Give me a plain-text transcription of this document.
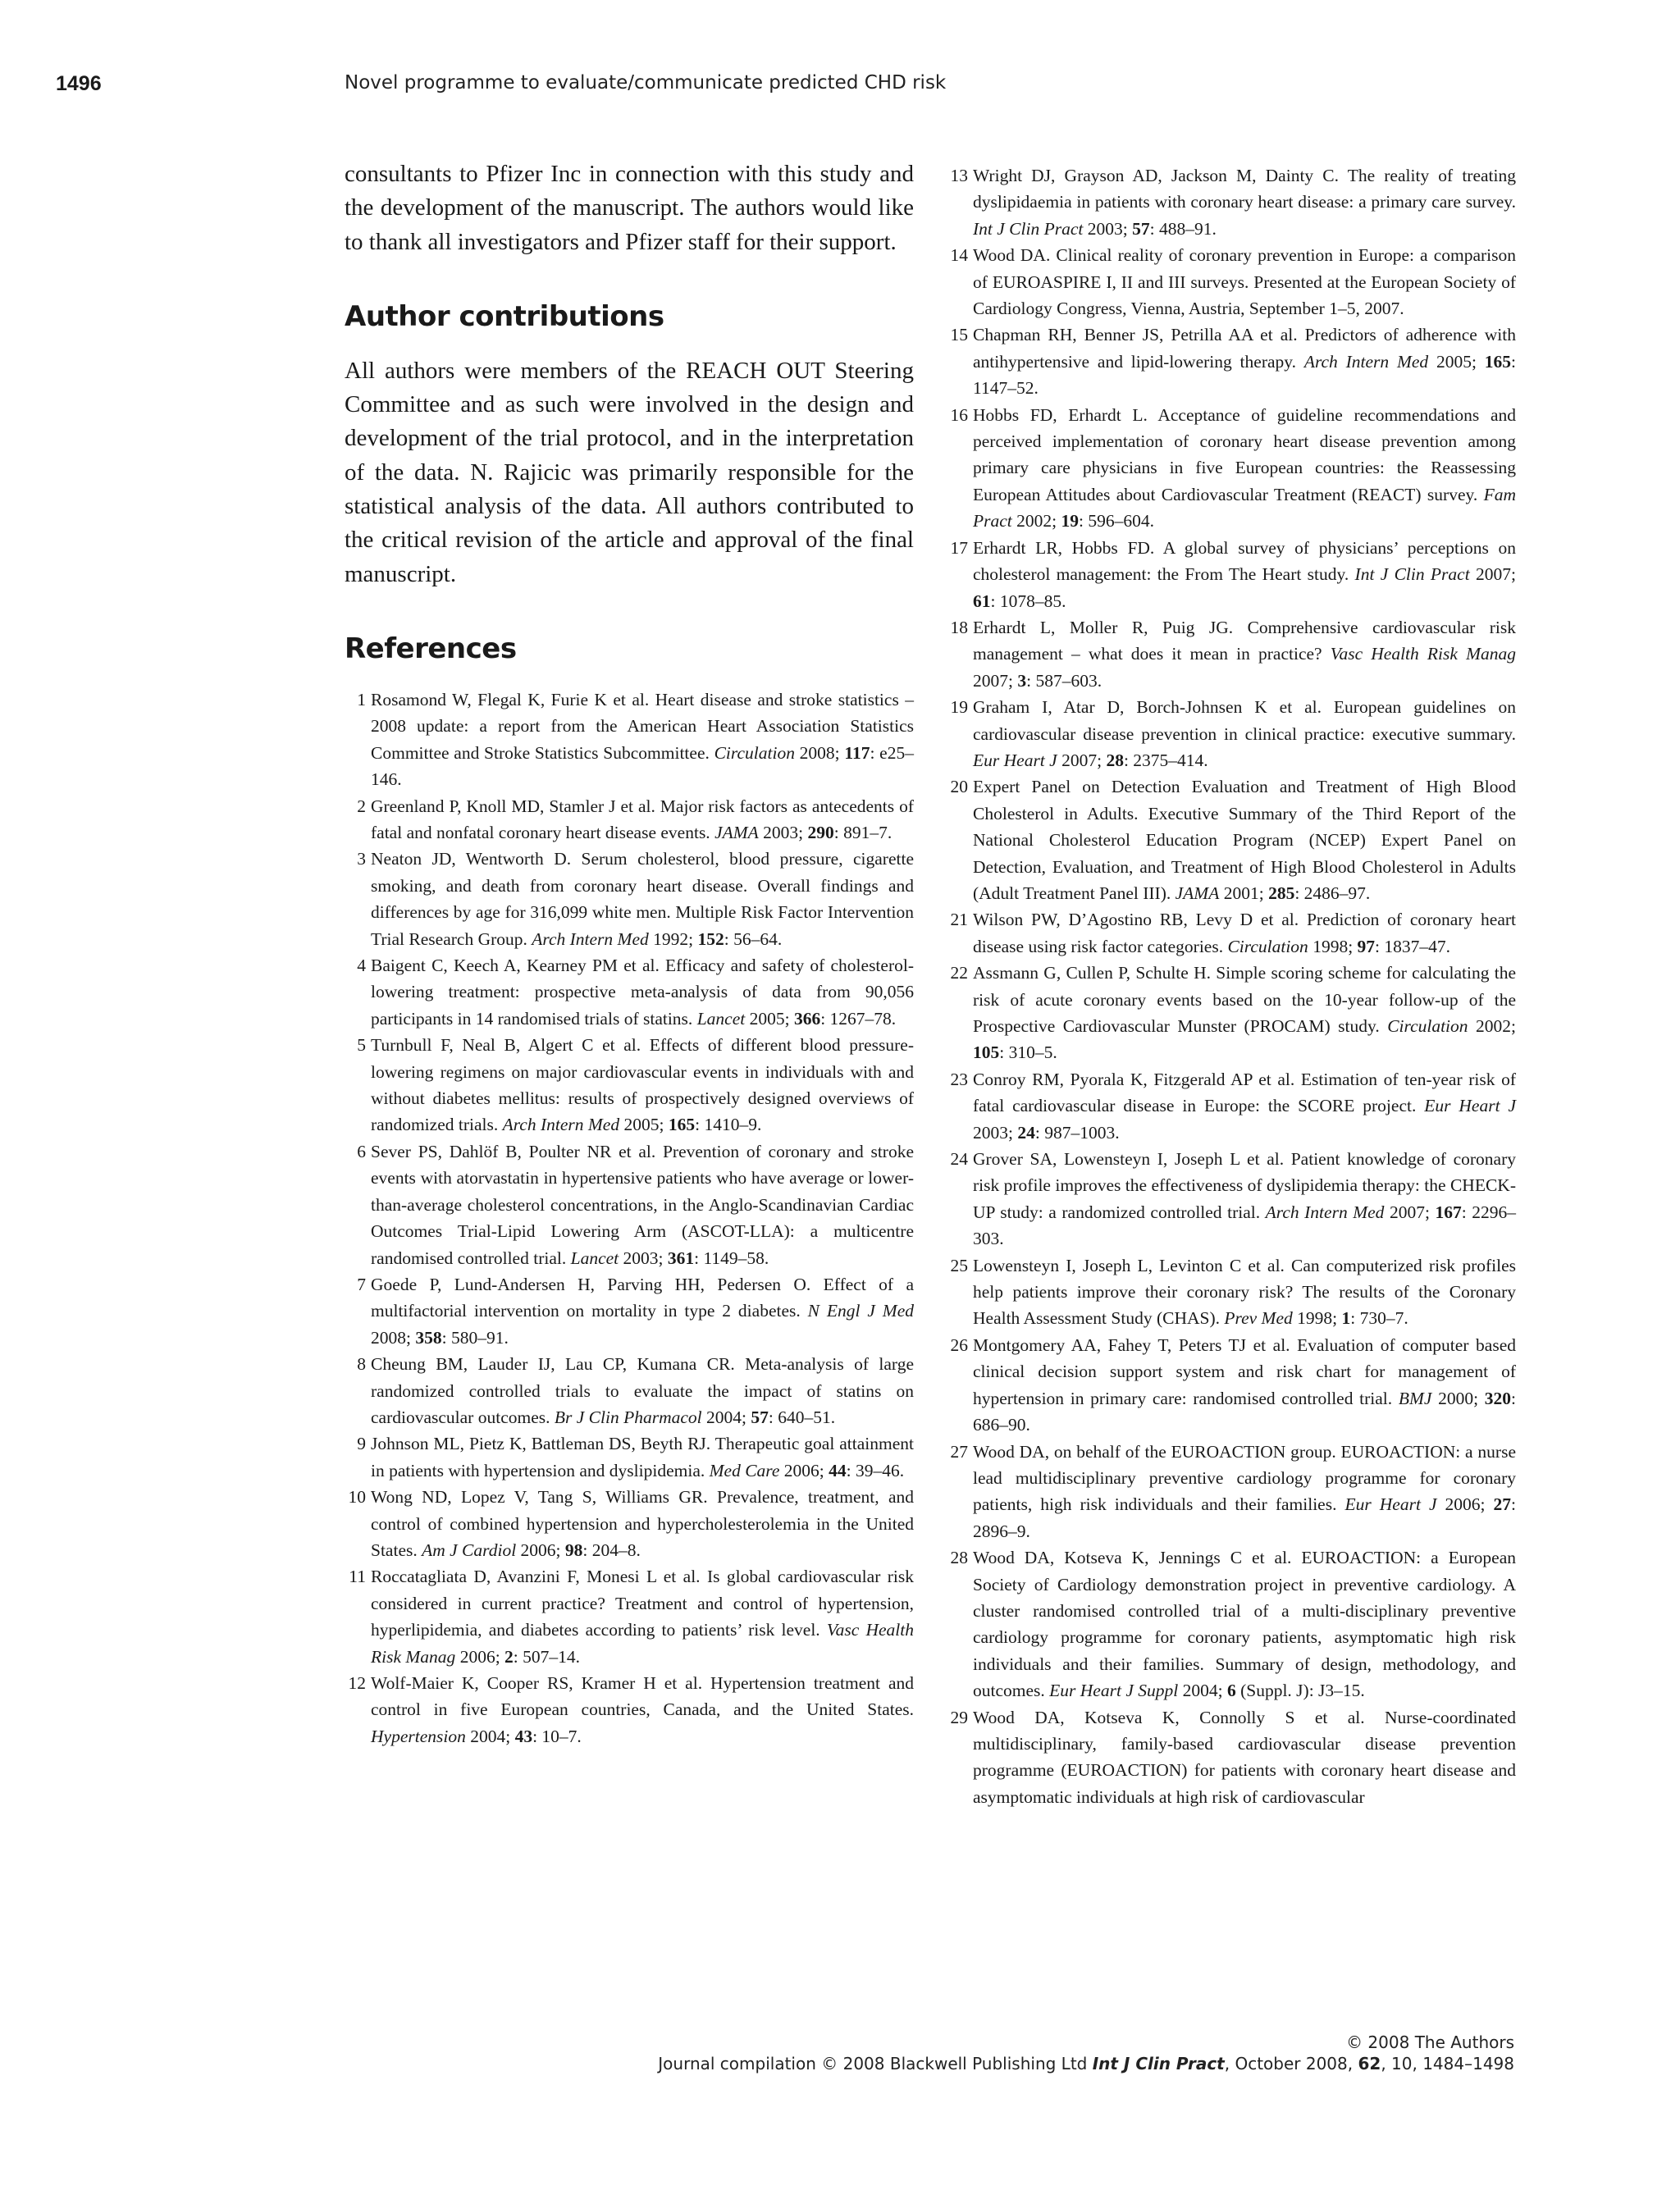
1496	Novel programme to evaluate/communicate predicted CHD risk

consultants to Pfizer Inc in connection with this study and the development of the manuscript. The authors would like to thank all investigators and Pfizer staff for their support.

Author contributions

All authors were members of the REACH OUT Steering Committee and as such were involved in the design and development of the trial protocol, and in the interpretation of the data. N. Rajicic was primarily responsible for the statistical analysis of the data. All authors contributed to the critical revision of the article and approval of the final manuscript.

References
1 Rosamond W, Flegal K, Furie K et al. Heart disease and stroke statistics – 2008 update: a report from the American Heart Association Statistics Committee and Stroke Statistics Subcommittee. Circulation 2008; 117: e25–146.
2 Greenland P, Knoll MD, Stamler J et al. Major risk factors as antecedents of fatal and nonfatal coronary heart disease events. JAMA 2003; 290: 891–7.
3 Neaton JD, Wentworth D. Serum cholesterol, blood pressure, cigarette smoking, and death from coronary heart disease. Overall findings and differences by age for 316,099 white men. Multiple Risk Factor Intervention Trial Research Group. Arch Intern Med 1992; 152: 56–64.
4 Baigent C, Keech A, Kearney PM et al. Efficacy and safety of cholesterol-lowering treatment: prospective meta-analysis of data from 90,056 participants in 14 randomised trials of statins. Lancet 2005; 366: 1267–78.
5 Turnbull F, Neal B, Algert C et al. Effects of different blood pressure-lowering regimens on major cardiovascular events in individuals with and without diabetes mellitus: results of prospectively designed overviews of randomized trials. Arch Intern Med 2005; 165: 1410–9.
6 Sever PS, Dahlöf B, Poulter NR et al. Prevention of coronary and stroke events with atorvastatin in hypertensive patients who have average or lower-than-average cholesterol concentrations, in the Anglo-Scandinavian Cardiac Outcomes Trial-Lipid Lowering Arm (ASCOT-LLA): a multicentre randomised controlled trial. Lancet 2003; 361: 1149–58.
7 Goede P, Lund-Andersen H, Parving HH, Pedersen O. Effect of a multifactorial intervention on mortality in type 2 diabetes. N Engl J Med 2008; 358: 580–91.
8 Cheung BM, Lauder IJ, Lau CP, Kumana CR. Meta-analysis of large randomized controlled trials to evaluate the impact of statins on cardiovascular outcomes. Br J Clin Pharmacol 2004; 57: 640–51.
9 Johnson ML, Pietz K, Battleman DS, Beyth RJ. Therapeutic goal attainment in patients with hypertension and dyslipidemia. Med Care 2006; 44: 39–46.
10 Wong ND, Lopez V, Tang S, Williams GR. Prevalence, treatment, and control of combined hypertension and hypercholesterolemia in the United States. Am J Cardiol 2006; 98: 204–8.
11 Roccatagliata D, Avanzini F, Monesi L et al. Is global cardiovascular risk considered in current practice? Treatment and control of hypertension, hyperlipidemia, and diabetes according to patients’ risk level. Vasc Health Risk Manag 2006; 2: 507–14.
12 Wolf-Maier K, Cooper RS, Kramer H et al. Hypertension treatment and control in five European countries, Canada, and the United States. Hypertension 2004; 43: 10–7.
13 Wright DJ, Grayson AD, Jackson M, Dainty C. The reality of treating dyslipidaemia in patients with coronary heart disease: a primary care survey. Int J Clin Pract 2003; 57: 488–91.
14 Wood DA. Clinical reality of coronary prevention in Europe: a comparison of EUROASPIRE I, II and III surveys. Presented at the European Society of Cardiology Congress, Vienna, Austria, September 1–5, 2007.
15 Chapman RH, Benner JS, Petrilla AA et al. Predictors of adherence with antihypertensive and lipid-lowering therapy. Arch Intern Med 2005; 165: 1147–52.
16 Hobbs FD, Erhardt L. Acceptance of guideline recommendations and perceived implementation of coronary heart disease prevention among primary care physicians in five European countries: the Reassessing European Attitudes about Cardiovascular Treatment (REACT) survey. Fam Pract 2002; 19: 596–604.
17 Erhardt LR, Hobbs FD. A global survey of physicians’ perceptions on cholesterol management: the From The Heart study. Int J Clin Pract 2007; 61: 1078–85.
18 Erhardt L, Moller R, Puig JG. Comprehensive cardiovascular risk management – what does it mean in practice? Vasc Health Risk Manag 2007; 3: 587–603.
19 Graham I, Atar D, Borch-Johnsen K et al. European guidelines on cardiovascular disease prevention in clinical practice: executive summary. Eur Heart J 2007; 28: 2375–414.
20 Expert Panel on Detection Evaluation and Treatment of High Blood Cholesterol in Adults. Executive Summary of the Third Report of the National Cholesterol Education Program (NCEP) Expert Panel on Detection, Evaluation, and Treatment of High Blood Cholesterol in Adults (Adult Treatment Panel III). JAMA 2001; 285: 2486–97.
21 Wilson PW, D’Agostino RB, Levy D et al. Prediction of coronary heart disease using risk factor categories. Circulation 1998; 97: 1837–47.
22 Assmann G, Cullen P, Schulte H. Simple scoring scheme for calculating the risk of acute coronary events based on the 10-year follow-up of the Prospective Cardiovascular Munster (PROCAM) study. Circulation 2002; 105: 310–5.
23 Conroy RM, Pyorala K, Fitzgerald AP et al. Estimation of ten-year risk of fatal cardiovascular disease in Europe: the SCORE project. Eur Heart J 2003; 24: 987–1003.
24 Grover SA, Lowensteyn I, Joseph L et al. Patient knowledge of coronary risk profile improves the effectiveness of dyslipidemia therapy: the CHECK-UP study: a randomized controlled trial. Arch Intern Med 2007; 167: 2296–303.
25 Lowensteyn I, Joseph L, Levinton C et al. Can computerized risk profiles help patients improve their coronary risk? The results of the Coronary Health Assessment Study (CHAS). Prev Med 1998; 1: 730–7.
26 Montgomery AA, Fahey T, Peters TJ et al. Evaluation of computer based clinical decision support system and risk chart for management of hypertension in primary care: randomised controlled trial. BMJ 2000; 320: 686–90.
27 Wood DA, on behalf of the EUROACTION group. EUROACTION: a nurse lead multidisciplinary preventive cardiology programme for coronary patients, high risk individuals and their families. Eur Heart J 2006; 27: 2896–9.
28 Wood DA, Kotseva K, Jennings C et al. EUROACTION: a European Society of Cardiology demonstration project in preventive cardiology. A cluster randomised controlled trial of a multi-disciplinary preventive cardiology programme for coronary patients, asymptomatic high risk individuals and their families. Summary of design, methodology, and outcomes. Eur Heart J Suppl 2004; 6 (Suppl. J): J3–15.
29 Wood DA, Kotseva K, Connolly S et al. Nurse-coordinated multidisciplinary, family-based cardiovascular disease prevention programme (EUROACTION) for patients with coronary heart disease and asymptomatic individuals at high risk of cardiovascular
© 2008 The Authors
Journal compilation © 2008 Blackwell Publishing Ltd Int J Clin Pract, October 2008, 62, 10, 1484–1498
